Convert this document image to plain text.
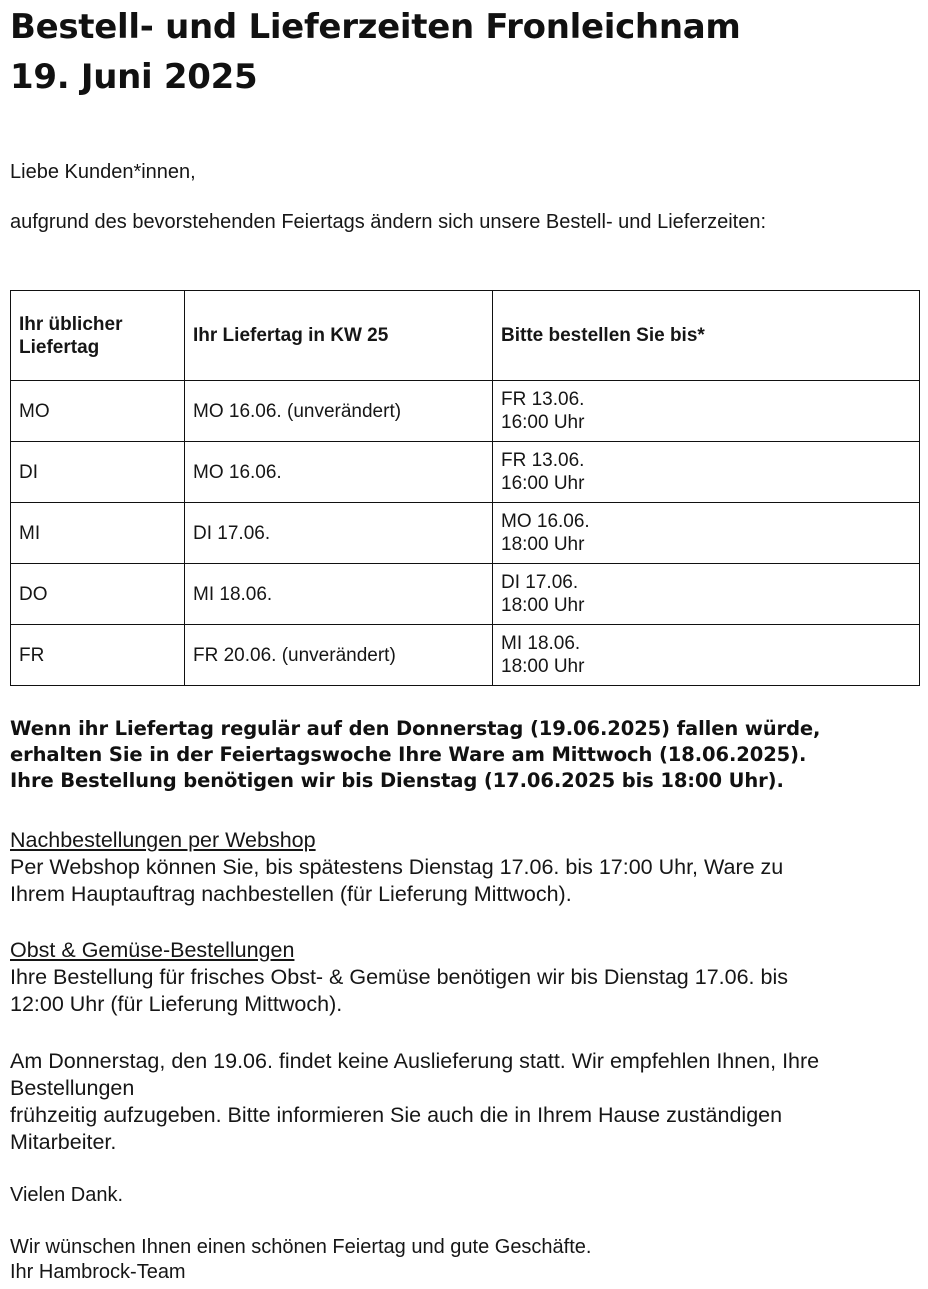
Bestell- und Lieferzeiten Fronleichnam
19. Juni 2025

Liebe Kunden*innen,

aufgrund des bevorstehenden Feiertags ändern sich unsere Bestell- und Lieferzeiten:

Ihr üblicher
Liefertag	Ihr Liefertag in KW 25	Bitte bestellen Sie bis*
MO	MO 16.06. (unverändert)	FR 13.06.
16:00 Uhr
DI	MO 16.06.	FR 13.06.
16:00 Uhr
MI	DI 17.06.	MO 16.06.
18:00 Uhr
DO	MI 18.06.	DI 17.06.
18:00 Uhr
FR	FR 20.06. (unverändert)	MI 18.06.
18:00 Uhr

Wenn ihr Liefertag regulär auf den Donnerstag (19.06.2025) fallen würde,
erhalten Sie in der Feiertagswoche Ihre Ware am Mittwoch (18.06.2025).
Ihre Bestellung benötigen wir bis Dienstag (17.06.2025 bis 18:00 Uhr).

Nachbestellungen per Webshop
Per Webshop können Sie, bis spätestens Dienstag 17.06. bis 17:00 Uhr, Ware zu
Ihrem Hauptauftrag nachbestellen (für Lieferung Mittwoch).
Obst & Gemüse-Bestellungen
Ihre Bestellung für frisches Obst- & Gemüse benötigen wir bis Dienstag 17.06. bis
12:00 Uhr (für Lieferung Mittwoch).
Am Donnerstag, den 19.06. findet keine Auslieferung statt. Wir empfehlen Ihnen, Ihre
Bestellungen
frühzeitig aufzugeben. Bitte informieren Sie auch die in Ihrem Hause zuständigen
Mitarbeiter.

Vielen Dank.

Wir wünschen Ihnen einen schönen Feiertag und gute Geschäfte.
Ihr Hambrock-Team
